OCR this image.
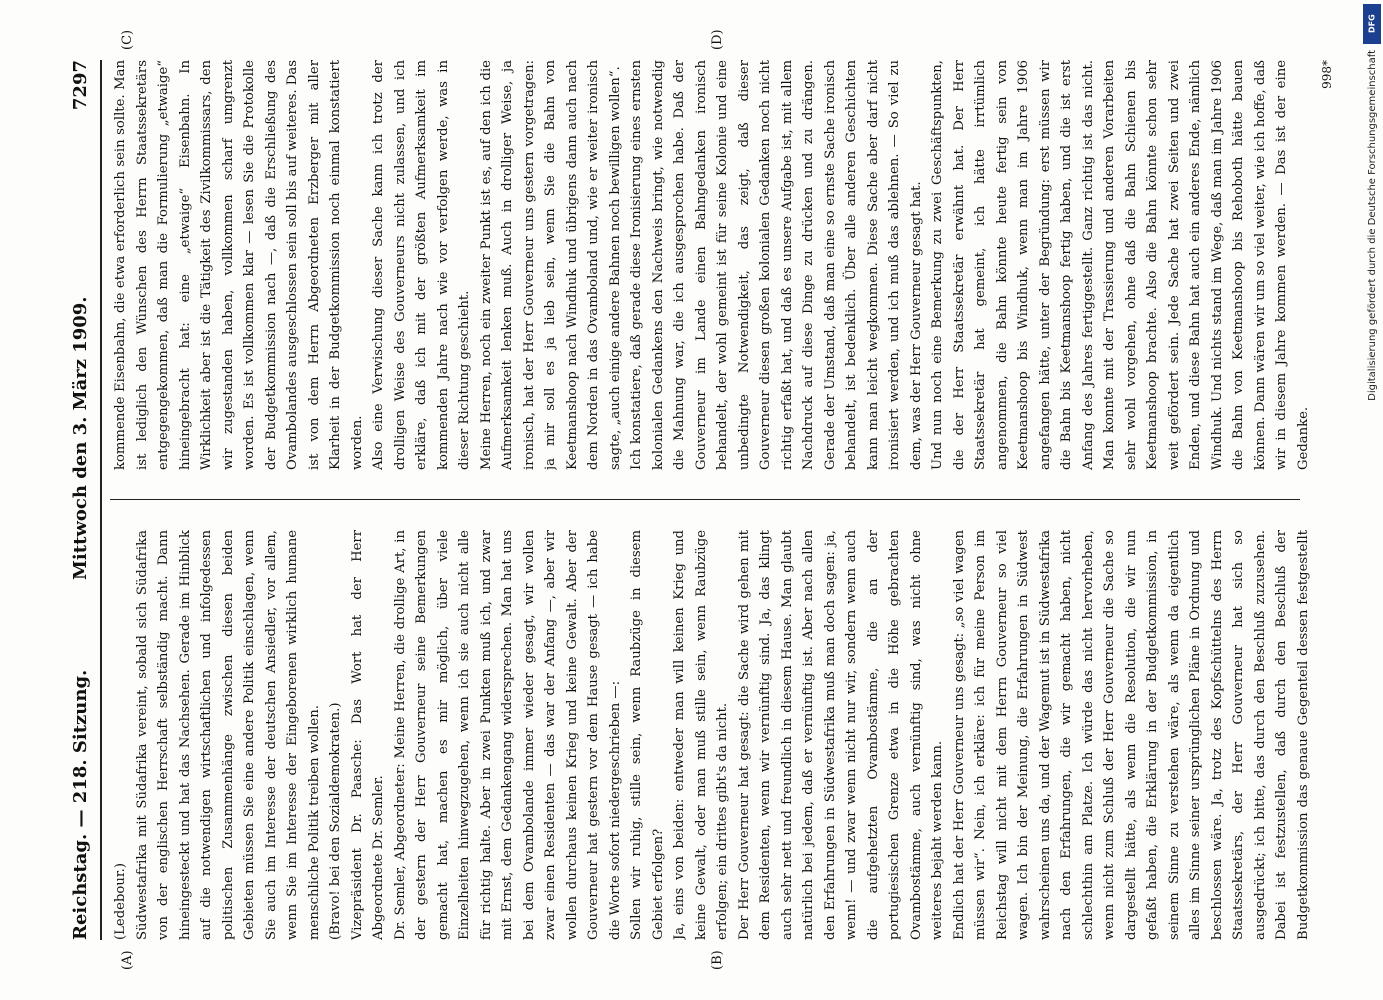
Reichstag. — 218. Sitzung.
Mittwoch den 3. März 1909.
7297
(A)	(B)
(C)	(D)
(Ledebour.)
Südwestafrika mit Südafrika vereint, sobald sich Südafrika von der englischen Herrschaft selbständig macht. Dann hineingesteckt und hat das Nachsehen. Gerade im Hinblick auf die notwendigen wirtschaftlichen und infolgedessen politischen Zusammenhänge zwischen diesen beiden Gebieten müssen Sie eine andere Politik einschlagen, wenn Sie auch im Interesse der deutschen Ansiedler, vor allem, wenn Sie im Interesse der Eingeborenen wirklich humane menschliche Politik treiben wollen.
(Bravo! bei den Sozialdemokraten.)
Vizepräsident Dr. Paasche: Das Wort hat der Herr Abgeordnete Dr. Semler.
Dr. Semler, Abgeordneter: Meine Herren, die drollige Art, in der gestern der Herr Gouverneur seine Bemerkungen gemacht hat, machen es mir möglich, über viele Einzelheiten hinwegzugehen, wenn ich sie auch nicht alle für richtig halte. Aber in zwei Punkten muß ich, und zwar mit Ernst, dem Gedankengang widersprechen. Man hat uns bei dem Ovambolande immer wieder gesagt, wir wollen zwar einen Residenten — das war der Anfang —, aber wir wollen durchaus keinen Krieg und keine Gewalt. Aber der Gouverneur hat gestern vor dem Hause gesagt — ich habe die Worte sofort niedergeschrieben —:
Sollen wir ruhig, stille sein, wenn Raubzüge in diesem Gebiet erfolgen?
Ja, eins von beiden: entweder man will keinen Krieg und keine Gewalt, oder man muß stille sein, wenn Raubzüge erfolgen; ein drittes gibt's da nicht.
Der Herr Gouverneur hat gesagt: die Sache wird gehen mit dem Residenten, wenn wir vernünftig sind. Ja, das klingt auch sehr nett und freundlich in diesem Hause. Man glaubt natürlich bei jedem, daß er vernünftig ist. Aber nach allen den Erfahrungen in Südwestafrika muß man doch sagen: ja, wenn! — und zwar wenn nicht nur wir, sondern wenn auch die aufgehetzten Ovambostämme, die an der portugiesischen Grenze etwa in die Höhe gebrachten Ovambostämme, auch vernünftig sind, was nicht ohne weiteres bejaht werden kann.
Endlich hat der Herr Gouverneur uns gesagt: „so viel wagen müssen wir“. Nein, ich erkläre: ich für meine Person im Reichstag will nicht mit dem Herrn Gouverneur so viel wagen. Ich bin der Meinung, die Erfahrungen in Südwest wahrscheinen uns da, und der Wagemut ist in Südwestafrika nach den Erfahrungen, die wir gemacht haben, nicht schlechthin am Platze. Ich würde das nicht hervorheben, wenn nicht zum Schluß der Herr Gouverneur die Sache so dargestellt hätte, als wenn die Resolution, die wir nun gefaßt haben, die Erklärung in der Budgetkommission, in seinem Sinne zu verstehen wäre, als wenn da eigentlich alles im Sinne seiner ursprünglichen Pläne in Ordnung und beschlossen wäre. Ja, trotz des Kopfschüttelns des Herrn Staatssekretärs, der Herr Gouverneur hat sich so ausgedrückt; ich bitte, das durch den Beschluß zuzusehen. Dabei ist festzustellen, daß durch den Beschluß der Budgetkommission das genaue Gegenteil dessen festgestellt

kommende Eisenbahn, die etwa erforderlich sein sollte. Man ist lediglich den Wünschen des Herrn Staatssekretärs entgegengekommen, daß man die Formulierung „etwaige“ hineingebracht hat: eine „etwaige“ Eisenbahn. In Wirklichkeit aber ist die Tätigkeit des Zivilkommissars, den wir zugestanden haben, vollkommen scharf umgrenzt worden. Es ist vollkommen klar — lesen Sie die Protokolle der Budgetkommission nach —, daß die Erschließung des Ovambolandes ausgeschlossen sein soll bis auf weiteres. Das ist von dem Herrn Abgeordneten Erzberger mit aller Klarheit in der Budgetkommission noch einmal konstatiert worden.
Also eine Verwischung dieser Sache kann ich trotz der drolligen Weise des Gouverneurs nicht zulassen, und ich erkläre, daß ich mit der größten Aufmerksamkeit im kommenden Jahre nach wie vor verfolgen werde, was in dieser Richtung geschieht.
Meine Herren, noch ein zweiter Punkt ist es, auf den ich die Aufmerksamkeit lenken muß. Auch in drolliger Weise, ja ironisch, hat der Herr Gouverneur uns gestern vorgetragen: ja mir soll es ja lieb sein, wenn Sie die Bahn von Keetmanshoop nach Windhuk und übrigens dann auch nach dem Norden in das Ovamboland und, wie er weiter ironisch sagte, „auch einige andere Bahnen noch bewilligen wollen“.
Ich konstatiere, daß gerade diese Ironisierung eines ernsten kolonialen Gedankens den Nachweis bringt, wie notwendig die Mahnung war, die ich ausgesprochen habe. Daß der Gouverneur im Lande einen Bahngedanken ironisch behandelt, der wohl gemeint ist für seine Kolonie und eine unbedingte Notwendigkeit, das zeigt, daß dieser Gouverneur diesen großen kolonialen Gedanken noch nicht richtig erfaßt hat, und daß es unsere Aufgabe ist, mit allem Nachdruck auf diese Dinge zu drücken und zu drängen. Gerade der Umstand, daß man eine so ernste Sache ironisch behandelt, ist bedenklich. Über alle anderen Geschichten kann man leicht wegkommen. Diese Sache aber darf nicht ironisiert werden, und ich muß das ablehnen. — So viel zu dem, was der Herr Gouverneur gesagt hat.
Und nun noch eine Bemerkung zu zwei Geschäftspunkten, die der Herr Staatssekretär erwähnt hat. Der Herr Staatssekretär hat gemeint, ich hätte irrtümlich angenommen, die Bahn könnte heute fertig sein von Keetmanshoop bis Windhuk, wenn man im Jahre 1906 angefangen hätte, unter der Begründung: erst müssen wir die Bahn bis Keetmanshoop fertig haben, und die ist erst Anfang des Jahres fertiggestellt. Ganz richtig ist das nicht. Man konnte mit der Trassierung und anderen Vorarbeiten sehr wohl vorgehen, ohne daß die Bahn Schienen bis Keetmanshoop brachte. Also die Bahn könnte schon sehr weit gefördert sein. Jede Sache hat zwei Seiten und zwei Enden, und diese Bahn hat auch ein anderes Ende, nämlich Windhuk. Und nichts stand im Wege, daß man im Jahre 1906 die Bahn von Keetmanshoop bis Rehoboth hätte bauen können. Dann wären wir um so viel weiter, wie ich hoffe, daß wir in diesem Jahre kommen werden. — Das ist der eine Gedanke.

998*
DFG
Digitalisierung gefördert durch die Deutsche Forschungsgemeinschaft
